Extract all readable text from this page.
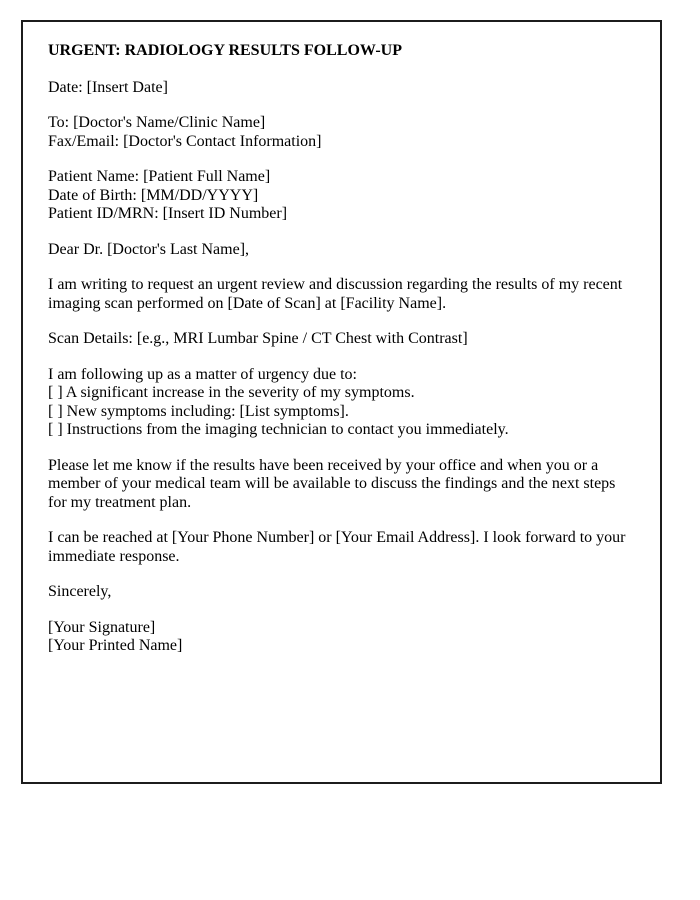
URGENT: RADIOLOGY RESULTS FOLLOW-UP
Date: [Insert Date]
To: [Doctor's Name/Clinic Name]
Fax/Email: [Doctor's Contact Information]
Patient Name: [Patient Full Name]
Date of Birth: [MM/DD/YYYY]
Patient ID/MRN: [Insert ID Number]
Dear Dr. [Doctor's Last Name],
I am writing to request an urgent review and discussion regarding the results of my recent imaging scan performed on [Date of Scan] at [Facility Name].
Scan Details: [e.g., MRI Lumbar Spine / CT Chest with Contrast]
I am following up as a matter of urgency due to:
[ ] A significant increase in the severity of my symptoms.
[ ] New symptoms including: [List symptoms].
[ ] Instructions from the imaging technician to contact you immediately.
Please let me know if the results have been received by your office and when you or a member of your medical team will be available to discuss the findings and the next steps for my treatment plan.
I can be reached at [Your Phone Number] or [Your Email Address]. I look forward to your immediate response.
Sincerely,
[Your Signature]
[Your Printed Name]
